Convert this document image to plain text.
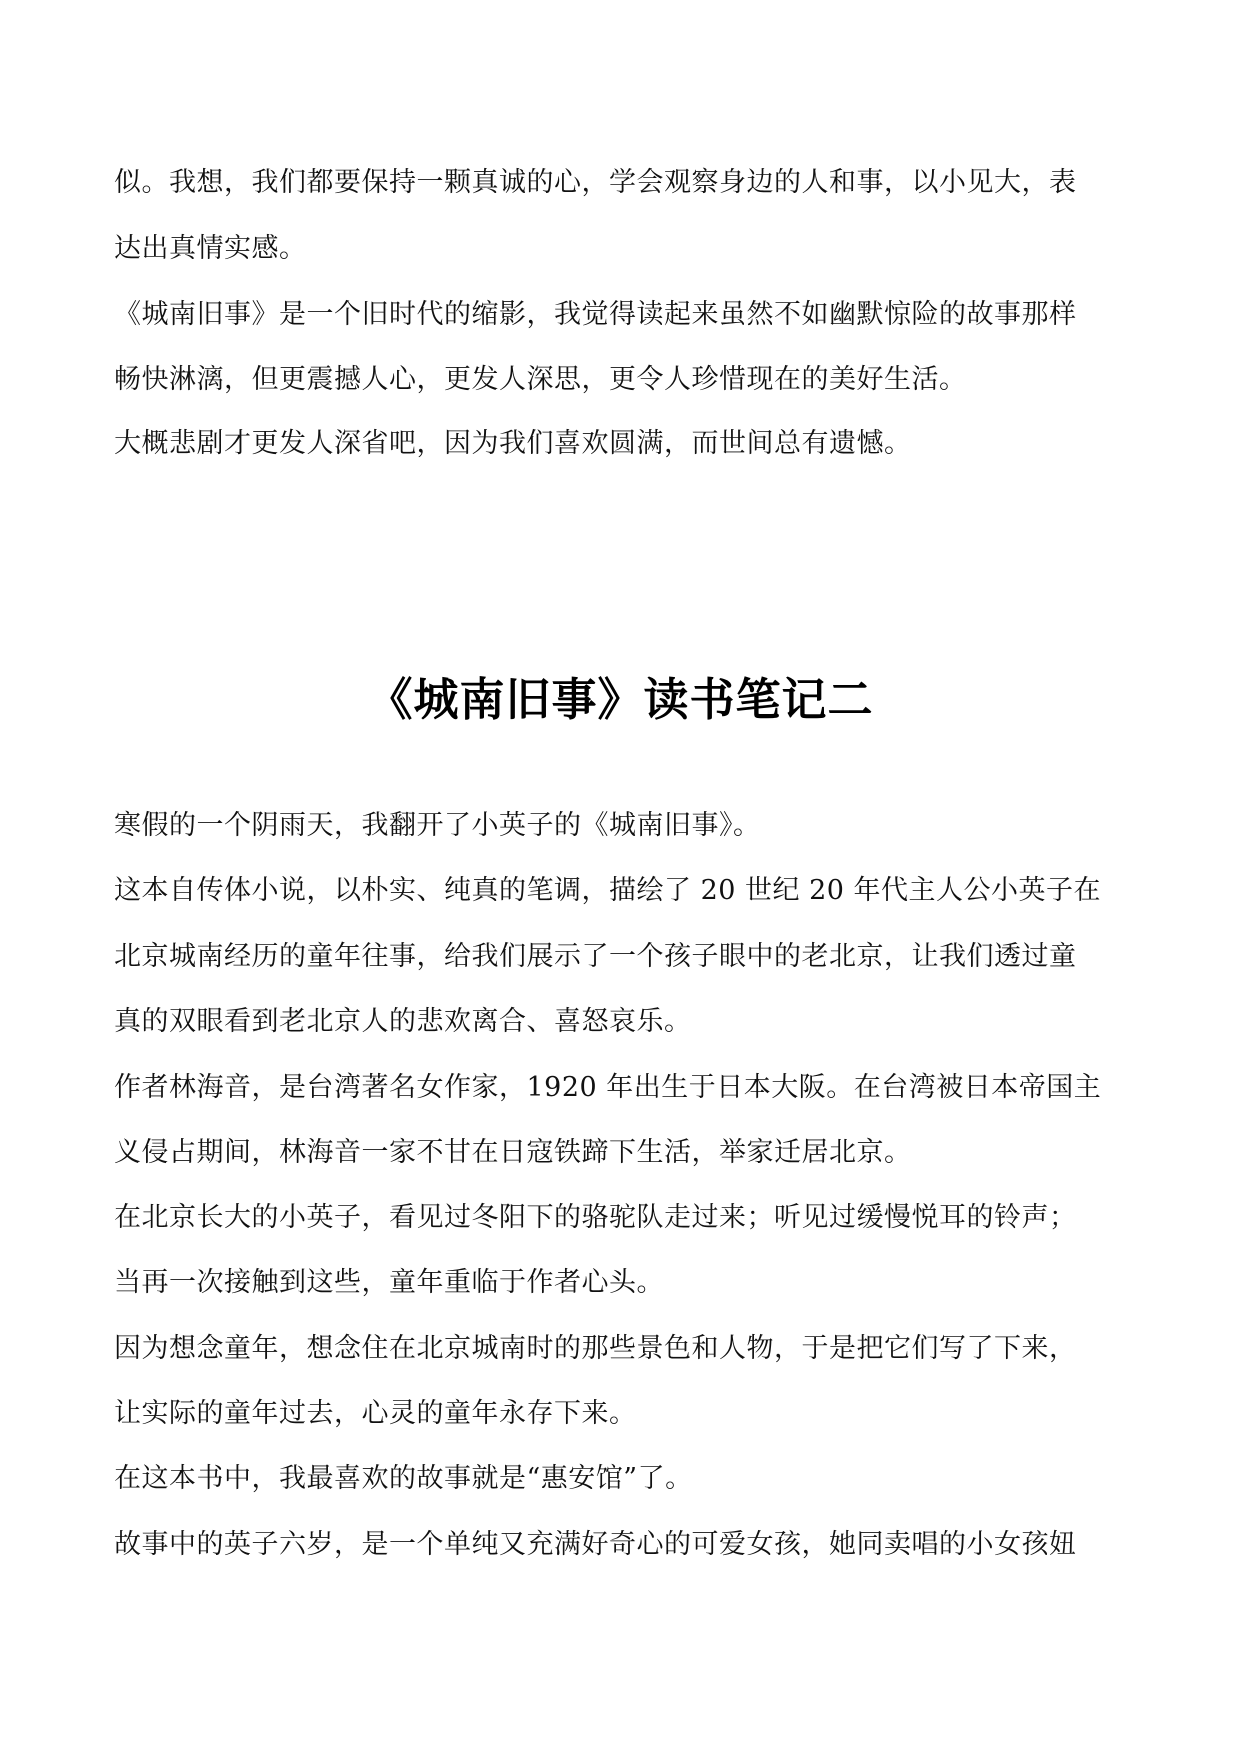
似。我想，我们都要保持一颗真诚的心，学会观察身边的人和事，以小见大，表
达出真情实感。
《城南旧事》是一个旧时代的缩影，我觉得读起来虽然不如幽默惊险的故事那样
畅快淋漓，但更震撼人心，更发人深思，更令人珍惜现在的美好生活。
大概悲剧才更发人深省吧，因为我们喜欢圆满，而世间总有遗憾。
《城南旧事》读书笔记二
寒假的一个阴雨天，我翻开了小英子的《城南旧事》。
这本自传体小说，以朴实、纯真的笔调，描绘了 20 世纪 20 年代主人公小英子在
北京城南经历的童年往事，给我们展示了一个孩子眼中的老北京，让我们透过童
真的双眼看到老北京人的悲欢离合、喜怒哀乐。
作者林海音，是台湾著名女作家，1920 年出生于日本大阪。在台湾被日本帝国主
义侵占期间，林海音一家不甘在日寇铁蹄下生活，举家迁居北京。
在北京长大的小英子，看见过冬阳下的骆驼队走过来；听见过缓慢悦耳的铃声；
当再一次接触到这些，童年重临于作者心头。
因为想念童年，想念住在北京城南时的那些景色和人物，于是把它们写了下来，
让实际的童年过去，心灵的童年永存下来。
在这本书中，我最喜欢的故事就是“惠安馆”了。
故事中的英子六岁，是一个单纯又充满好奇心的可爱女孩，她同卖唱的小女孩妞
